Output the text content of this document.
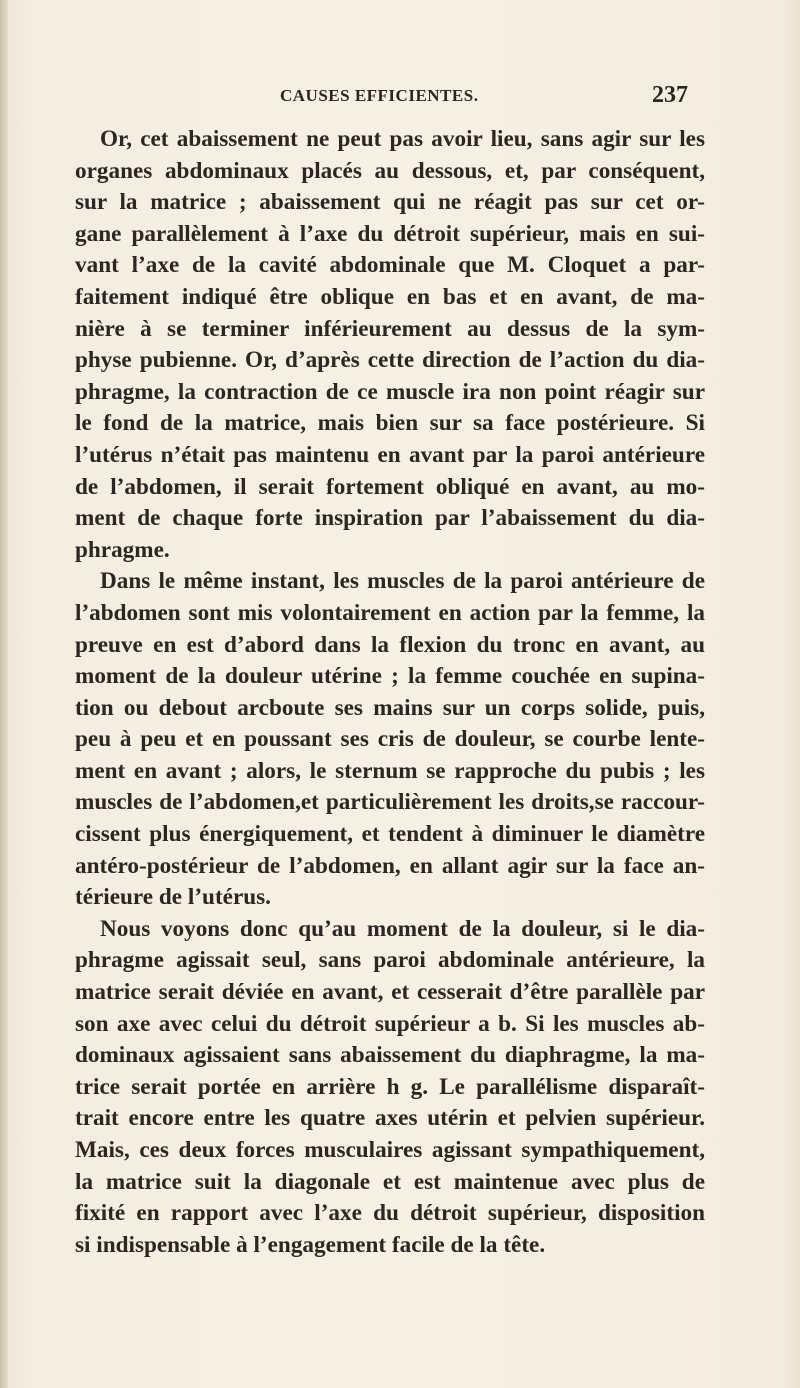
CAUSES EFFICIENTES.	237
Or, cet abaissement ne peut pas avoir lieu, sans agir sur les
organes abdominaux placés au dessous, et, par conséquent,
sur la matrice ; abaissement qui ne réagit pas sur cet or-
gane parallèlement à l’axe du détroit supérieur, mais en sui-
vant l’axe de la cavité abdominale que M. Cloquet a par-
faitement indiqué être oblique en bas et en avant, de ma-
nière à se terminer inférieurement au dessus de la sym-
physe pubienne. Or, d’après cette direction de l’action du dia-
phragme, la contraction de ce muscle ira non point réagir sur
le fond de la matrice, mais bien sur sa face postérieure. Si
l’utérus n’était pas maintenu en avant par la paroi antérieure
de l’abdomen, il serait fortement obliqué en avant, au mo-
ment de chaque forte inspiration par l’abaissement du dia-
phragme.
Dans le même instant, les muscles de la paroi antérieure de
l’abdomen sont mis volontairement en action par la femme, la
preuve en est d’abord dans la flexion du tronc en avant, au
moment de la douleur utérine ; la femme couchée en supina-
tion ou debout arcboute ses mains sur un corps solide, puis,
peu à peu et en poussant ses cris de douleur, se courbe lente-
ment en avant ; alors, le sternum se rapproche du pubis ; les
muscles de l’abdomen,et particulièrement les droits,se raccour-
cissent plus énergiquement, et tendent à diminuer le diamètre
antéro-postérieur de l’abdomen, en allant agir sur la face an-
térieure de l’utérus.
Nous voyons donc qu’au moment de la douleur, si le dia-
phragme agissait seul, sans paroi abdominale antérieure, la
matrice serait déviée en avant, et cesserait d’être parallèle par
son axe avec celui du détroit supérieur a b. Si les muscles ab-
dominaux agissaient sans abaissement du diaphragme, la ma-
trice serait portée en arrière h g. Le parallélisme disparaît-
trait encore entre les quatre axes utérin et pelvien supérieur.
Mais, ces deux forces musculaires agissant sympathiquement,
la matrice suit la diagonale et est maintenue avec plus de
fixité en rapport avec l’axe du détroit supérieur, disposition
si indispensable à l’engagement facile de la tête.
